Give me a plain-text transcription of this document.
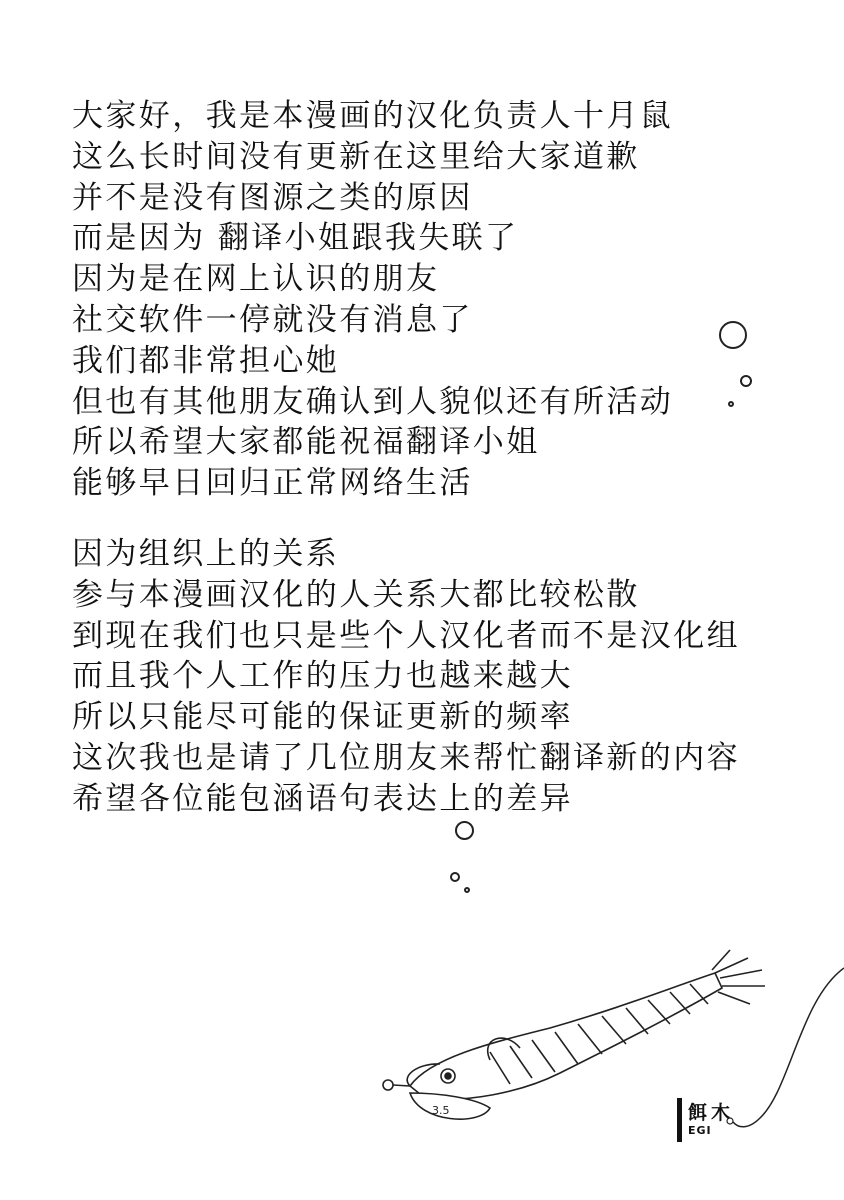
大家好，我是本漫画的汉化负责人十月鼠
这么长时间没有更新在这里给大家道歉
并不是没有图源之类的原因
而是因为 翻译小姐跟我失联了
因为是在网上认识的朋友
社交软件一停就没有消息了
我们都非常担心她
但也有其他朋友确认到人貌似还有所活动
所以希望大家都能祝福翻译小姐
能够早日回归正常网络生活
因为组织上的关系
参与本漫画汉化的人关系大都比较松散
到现在我们也只是些个人汉化者而不是汉化组
而且我个人工作的压力也越来越大
所以只能尽可能的保证更新的频率
这次我也是请了几位朋友来帮忙翻译新的内容
希望各位能包涵语句表达上的差异
3.5	餌木
EGI
